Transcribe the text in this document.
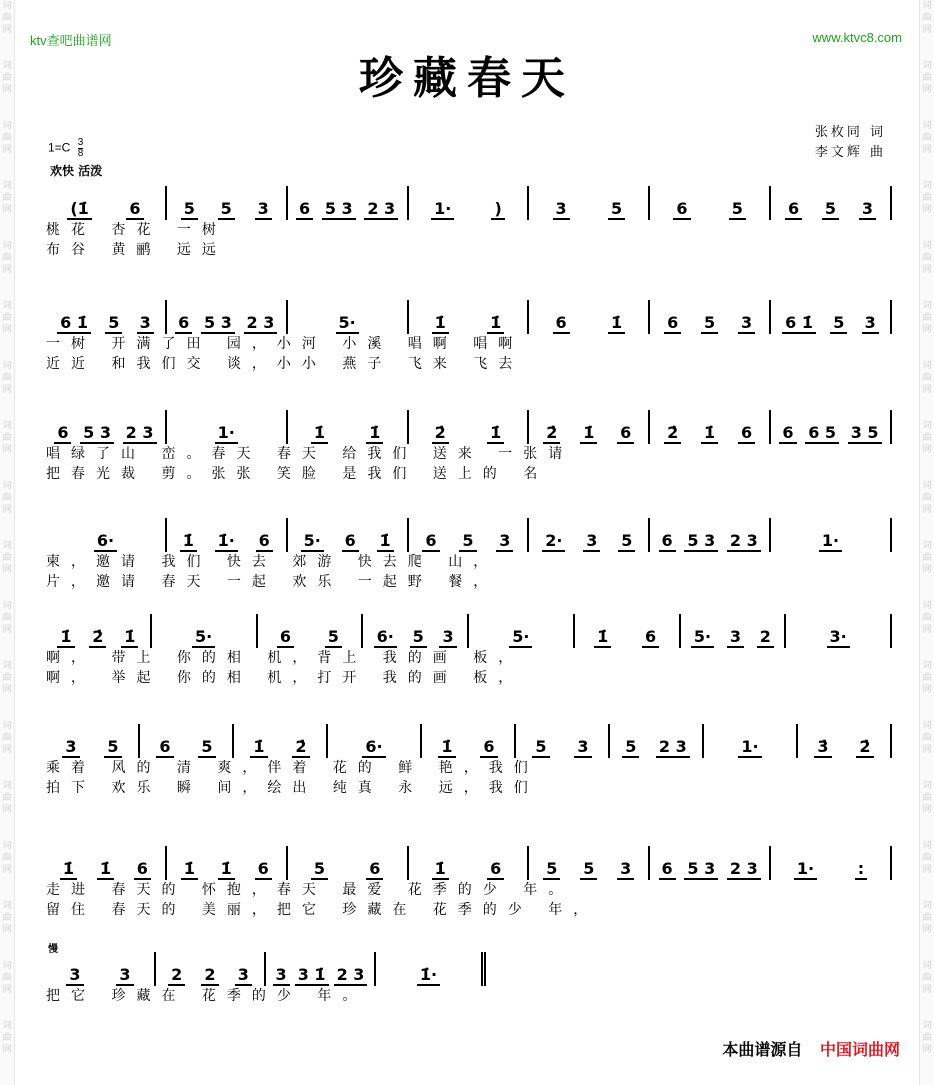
词
曲
网
词
曲
网
词
曲
网
词
曲
网
词
曲
网
词
曲
网
词
曲
网
词
曲
网
词
曲
网
词
曲
网
词
曲
网
词
曲
网
词
曲
网
词
曲
网
词
曲
网
词
曲
网
词
曲
网
词
曲
网
词
曲
网
词
曲
网
词
曲
网
词
曲
网
词
曲
网
词
曲
网
词
曲
网
词
曲
网
词
曲
网
词
曲
网
词
曲
网
词
曲
网
词
曲
网
词
曲
网
词
曲
网
词
曲
网
词
曲
网
词
曲
网
ktv查吧曲谱网	www.ktvc8.com
珍藏春天
$1=C \frac{3}{8}$
欢快 活泼
张枚同 词
李文辉 曲
(1̇	6	5 5 3 6 5 3 2 3 1·	)	3	5	6	5	6 5 3
桃花 杏花 一树
布谷 黄鹂 远远
6 1̇ 5 3 6 5 3 2 3	5·	1̇	1̇	6	1̇	6 5 3 6 1̇ 5 3
一树 开满了田 园，小河 小溪 唱啊 唱啊
近近 和我们交 谈，小小 燕子 飞来 飞去
6 5 3 2 3	1·	1̇	1̇	2̇	1̇	2̇ 1̇ 6 2̇ 1̇ 6 6 6 5 3 5
唱绿了山 峦。春天 春天 给我们 送来 一张请
把春光裁 剪。张张 笑脸 是我们 送上的 名
6·	1̇ 1̇· 6 5· 6 1̇ 6 5 3 2· 3 5 6 5 3 2 3	1·
柬，邀请 我们 快去 郊游 快去爬 山，
片，邀请 春天 一起 欢乐 一起野 餐，
1̇ 2̇ 1̇	5·	6 5 6· 5 3	5·	1̇ 6 5· 3 2	3·
啊， 带上 你的相 机，背上 我的画 板，
啊， 举起 你的相 机，打开 我的画 板，
3 5	6 5	1̇ 2̇	6·	1̇ 6	5 3 5 2 3	1·	3̇ 2̇
乘着 风的 清 爽，伴着 花的 鲜 艳，我们
拍下 欢乐 瞬 间，绘出 纯真 永 远，我们
1̇ 1̇ 6 1̇ 1̇ 6	5	6	1̇	6	5 5 3 6 5 3 2 3 1·	:
走进 春天的 怀抱，春天 最爱 花季的少 年。
留住 春天的 美丽，把它 珍藏在 花季的少 年，
3 3	2 2 3 3 3 1̇ 2 3	1̇·
把它 珍藏在 花季的少 年。
慢
本曲谱源自 中国词曲网
